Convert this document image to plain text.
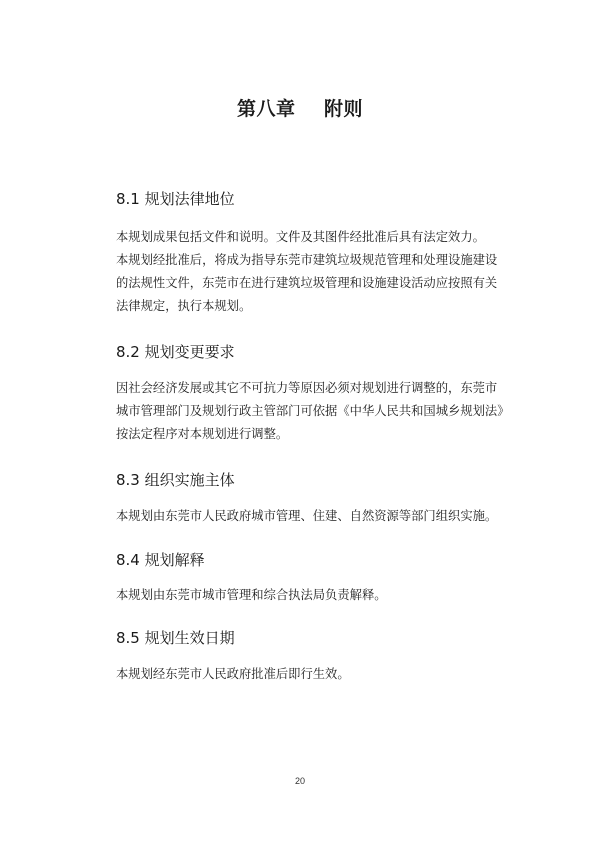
第八章    附则
8.1 规划法律地位

本规划成果包括文件和说明。文件及其图件经批准后具有法定效力。

本规划经批准后，将成为指导东莞市建筑垃圾规范管理和处理设施建设的法规性文件，东莞市在进行建筑垃圾管理和设施建设活动应按照有关法律规定，执行本规划。

8.2 规划变更要求

因社会经济发展或其它不可抗力等原因必须对规划进行调整的，东莞市城市管理部门及规划行政主管部门可依据《中华人民共和国城乡规划法》按法定程序对本规划进行调整。

8.3 组织实施主体

本规划由东莞市人民政府城市管理、住建、自然资源等部门组织实施。

8.4 规划解释

本规划由东莞市城市管理和综合执法局负责解释。

8.5 规划生效日期

本规划经东莞市人民政府批准后即行生效。

20
